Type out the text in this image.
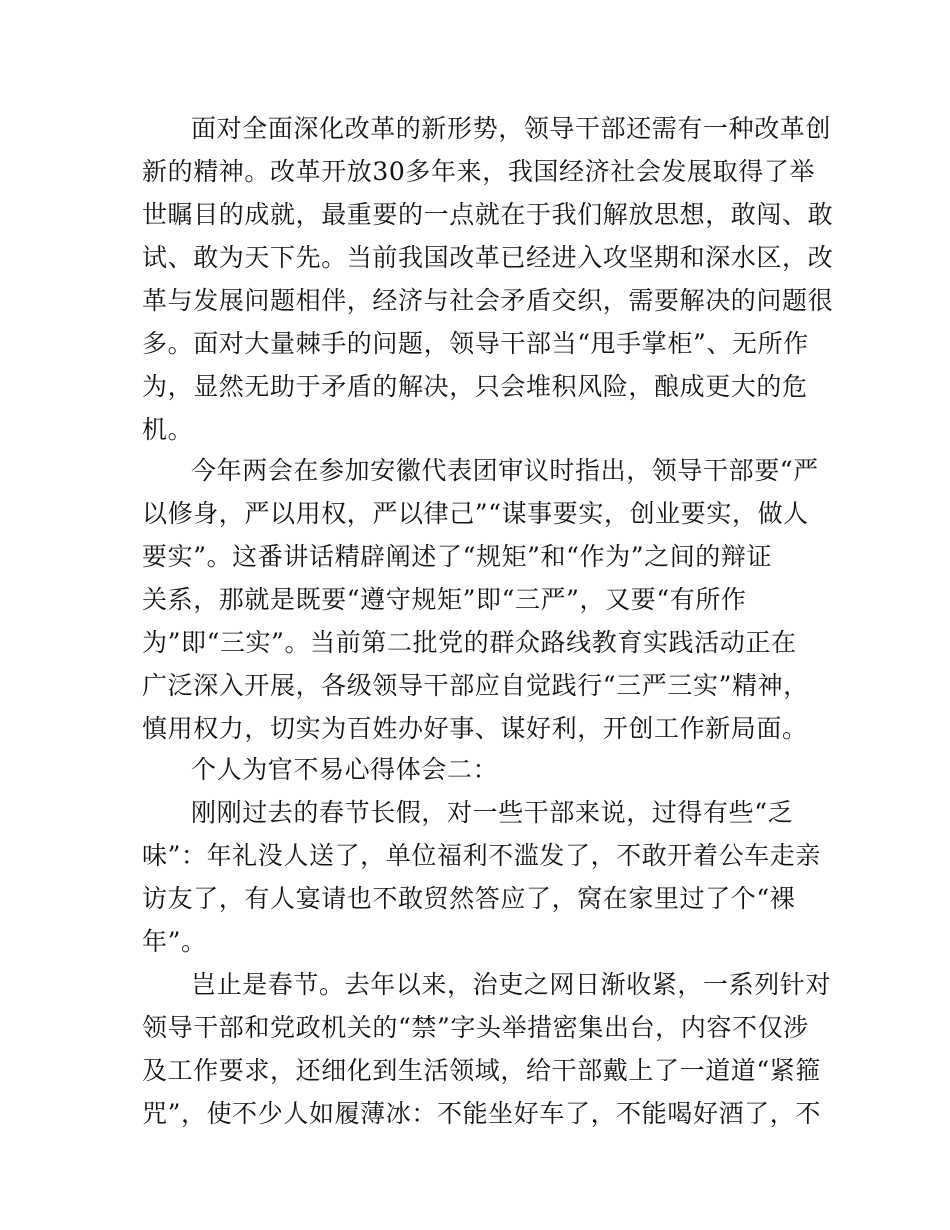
面对全面深化改革的新形势，领导干部还需有一种改革创
新的精神。改革开放30多年来，我国经济社会发展取得了举
世瞩目的成就，最重要的一点就在于我们解放思想，敢闯、敢
试、敢为天下先。当前我国改革已经进入攻坚期和深水区，改
革与发展问题相伴，经济与社会矛盾交织，需要解决的问题很
多。面对大量棘手的问题，领导干部当“甩手掌柜”、无所作
为，显然无助于矛盾的解决，只会堆积风险，酿成更大的危
机。
今年两会在参加安徽代表团审议时指出，领导干部要“严
以修身，严以用权，严以律己”“谋事要实，创业要实，做人
要实”。这番讲话精辟阐述了“规矩”和“作为”之间的辩证
关系，那就是既要“遵守规矩”即“三严”，又要“有所作
为”即“三实”。当前第二批党的群众路线教育实践活动正在
广泛深入开展，各级领导干部应自觉践行“三严三实”精神，
慎用权力，切实为百姓办好事、谋好利，开创工作新局面。
个人为官不易心得体会二：
刚刚过去的春节长假，对一些干部来说，过得有些“乏
味”：年礼没人送了，单位福利不滥发了，不敢开着公车走亲
访友了，有人宴请也不敢贸然答应了，窝在家里过了个“裸
年”。
岂止是春节。去年以来，治吏之网日渐收紧，一系列针对
领导干部和党政机关的“禁”字头举措密集出台，内容不仅涉
及工作要求，还细化到生活领域，给干部戴上了一道道“紧箍
咒”，使不少人如履薄冰：不能坐好车了，不能喝好酒了，不
